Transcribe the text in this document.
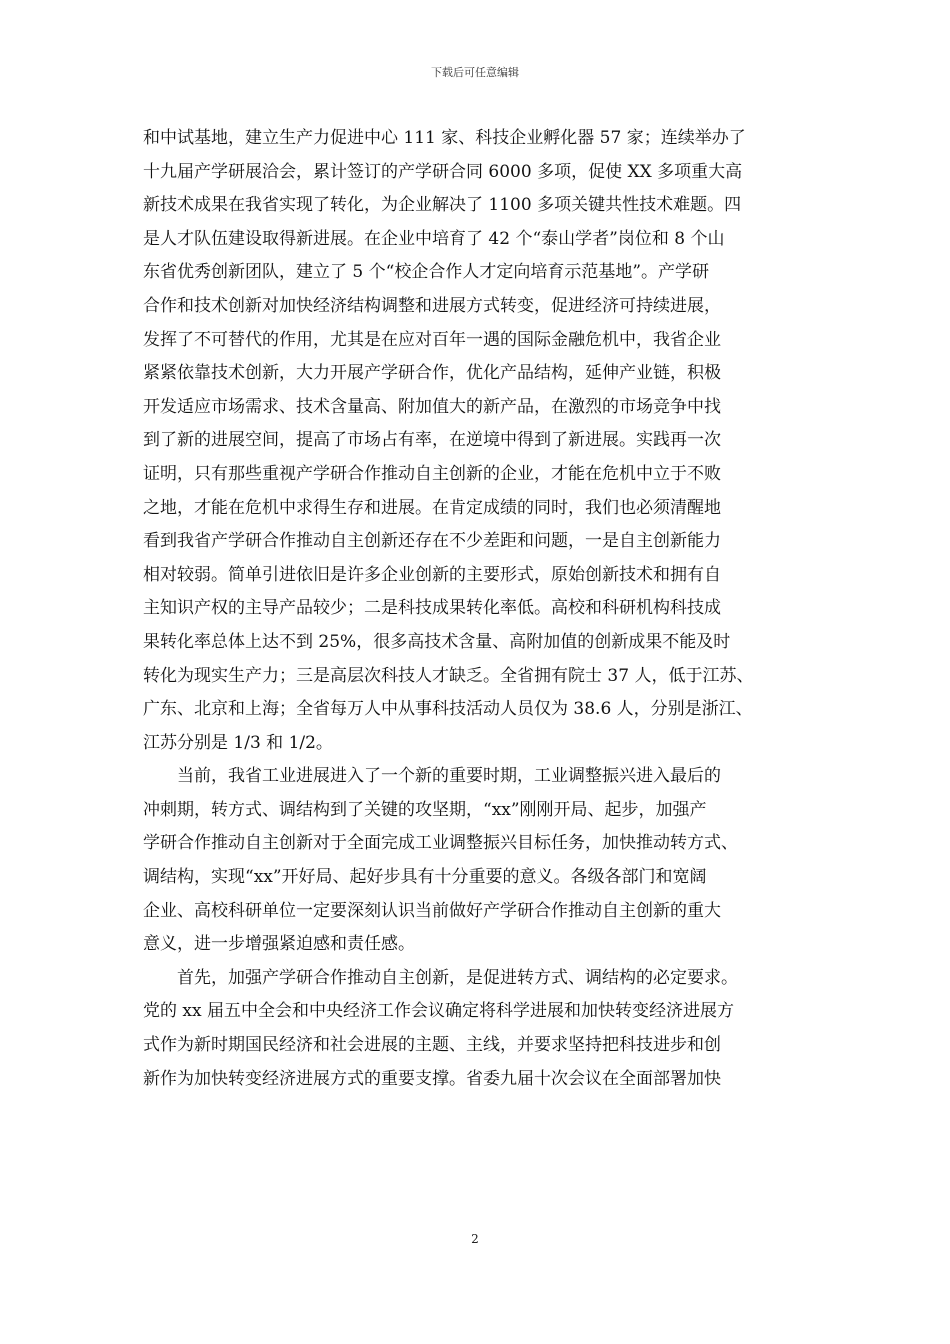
下载后可任意编辑
和中试基地，建立生产力促进中心 111 家、科技企业孵化器 57 家；连续举办了
十九届产学研展洽会，累计签订的产学研合同 6000 多项，促使 XX 多项重大高
新技术成果在我省实现了转化，为企业解决了 1100 多项关键共性技术难题。四
是人才队伍建设取得新进展。在企业中培育了 42 个“泰山学者”岗位和 8 个山
东省优秀创新团队，建立了 5 个“校企合作人才定向培育示范基地”。产学研
合作和技术创新对加快经济结构调整和进展方式转变，促进经济可持续进展，
发挥了不可替代的作用，尤其是在应对百年一遇的国际金融危机中，我省企业
紧紧依靠技术创新，大力开展产学研合作，优化产品结构，延伸产业链，积极
开发适应市场需求、技术含量高、附加值大的新产品，在激烈的市场竞争中找
到了新的进展空间，提高了市场占有率，在逆境中得到了新进展。实践再一次
证明，只有那些重视产学研合作推动自主创新的企业，才能在危机中立于不败
之地，才能在危机中求得生存和进展。在肯定成绩的同时，我们也必须清醒地
看到我省产学研合作推动自主创新还存在不少差距和问题，一是自主创新能力
相对较弱。简单引进依旧是许多企业创新的主要形式，原始创新技术和拥有自
主知识产权的主导产品较少；二是科技成果转化率低。高校和科研机构科技成
果转化率总体上达不到 25%，很多高技术含量、高附加值的创新成果不能及时
转化为现实生产力；三是高层次科技人才缺乏。全省拥有院士 37 人，低于江苏、
广东、北京和上海；全省每万人中从事科技活动人员仅为 38.6 人，分别是浙江、
江苏分别是 1/3 和 1/2。
当前，我省工业进展进入了一个新的重要时期，工业调整振兴进入最后的
冲刺期，转方式、调结构到了关键的攻坚期，“xx”刚刚开局、起步，加强产
学研合作推动自主创新对于全面完成工业调整振兴目标任务，加快推动转方式、
调结构，实现“xx”开好局、起好步具有十分重要的意义。各级各部门和宽阔
企业、高校科研单位一定要深刻认识当前做好产学研合作推动自主创新的重大
意义，进一步增强紧迫感和责任感。
首先，加强产学研合作推动自主创新，是促进转方式、调结构的必定要求。
党的 xx 届五中全会和中央经济工作会议确定将科学进展和加快转变经济进展方
式作为新时期国民经济和社会进展的主题、主线，并要求坚持把科技进步和创
新作为加快转变经济进展方式的重要支撑。省委九届十次会议在全面部署加快
2
